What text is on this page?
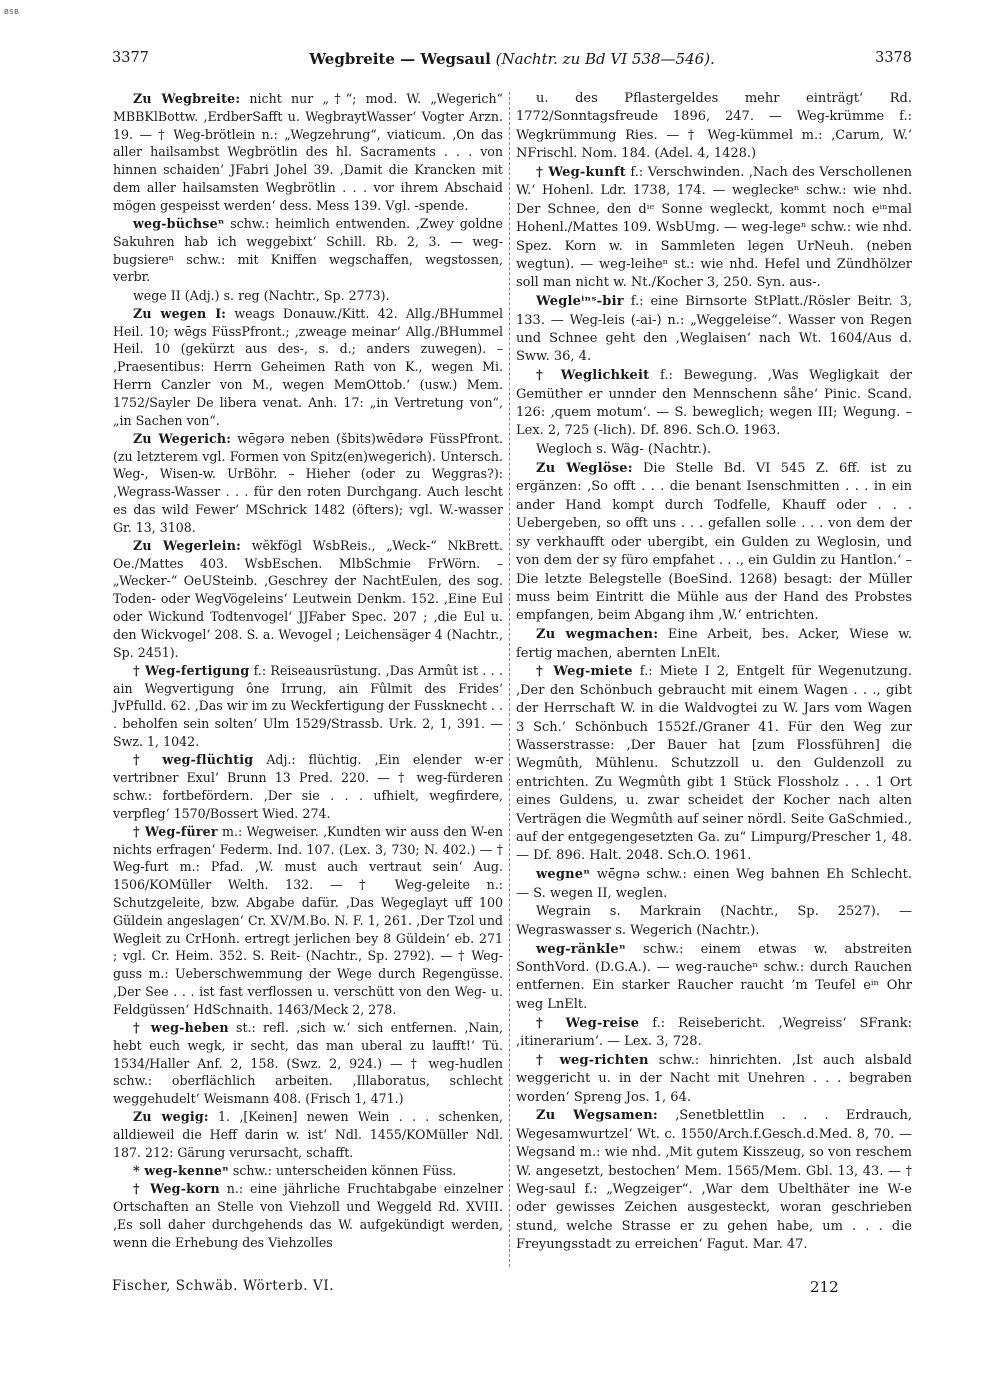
BSB
3377	Wegbreite — Wegsaul (Nachtr. zu Bd VI 538—546).	3378

Zu Wegbreite: nicht nur „†“; mod. W. „Wegerich“ MBBKlBottw. ‚ErdberSafft u. WegbraytWasser‘ Vogter Arzn. 19. — † Weg-brötlein n.: „Wegzehrung“, viaticum. ‚On das aller hailsambst Wegbrötlin des hl. Sacraments . . . von hinnen schaiden‘ JFabri Johel 39. ‚Damit die Krancken mit dem aller hailsamsten Wegbrötlin . . . vor ihrem Abschaid mögen gespeisst werden‘ dess. Mess 139. Vgl. -spende.

weg-büchseⁿ schw.: heimlich entwenden. ‚Zwey goldne Sakuhren hab ich weggebixt‘ Schill. Rb. 2, 3. — weg-bugsiereⁿ schw.: mit Kniffen wegschaffen, wegstossen, verbr.

wege II (Adj.) s. reg (Nachtr., Sp. 2773).

Zu wegen I: weags Donauw./Kitt. 42. Allg./BHummel Heil. 10; wēgs FüssPfront.; ‚zweage meinar‘ Allg./BHummel Heil. 10 (gekürzt aus des-, s. d.; anders zuwegen). – ‚Praesentibus: Herrn Geheimen Rath von K., wegen Mi. Herrn Canzler von M., wegen MemOttob.‘ (usw.) Mem. 1752/Sayler De libera venat. Anh. 17: „in Vertretung von“, „in Sachen von“.

Zu Wegerich: wēgərə neben (šbits)wēdərə FüssPfront. (zu letzterem vgl. Formen von Spitz(en)wegerich). Untersch. Weg-, Wisen-w. UrBöhr. – Hieher (oder zu Weggras?): ‚Wegrass-Wasser . . . für den roten Durchgang. Auch lescht es das wild Fewer‘ MSchrick 1482 (öfters); vgl. W.-wasser Gr. 13, 3108.

Zu Wegerlein: wĕkfögl WsbReis., „Weck-“ NkBrett. Oe./Mattes 403. WsbEschen. MlbSchmie FrWörn. – „Wecker-“ OeUSteinb. ‚Geschrey der NachtEulen, des sog. Toden- oder WegVögeleins‘ Leutwein Denkm. 152. ‚Eine Eul oder Wickund Todtenvogel‘ JJFaber Spec. 207 ; ‚die Eul u. den Wickvogel‘ 208. S. a. Wevogel ; Leichensäger 4 (Nachtr., Sp. 2451).

† Weg-fertigung f.: Reiseausrüstung. ‚Das Armût ist . . . ain Wegvertigung ône Irrung, ain Fûlmit des Frides‘ JvPfulld. 62. ‚Das wir im zu Weckfertigung der Fussknecht . . . beholfen sein solten‘ Ulm 1529/Strassb. Urk. 2, 1, 391. — Swz. 1, 1042.

† weg-flüchtig Adj.: flüchtig. ‚Ein elender w-er vertribner Exul‘ Brunn 13 Pred. 220. — † weg-fürderen schw.: fortbefördern. ‚Der sie . . . ufhielt, wegfirdere, verpfleg‘ 1570/Bossert Wied. 274.

† Weg-fürer m.: Wegweiser. ‚Kundten wir auss den W-en nichts erfragen‘ Federm. Ind. 107. (Lex. 3, 730; N. 402.) — † Weg-furt m.: Pfad. ‚W. must auch vertraut sein‘ Aug. 1506/KOMüller Welth. 132. — † Weg-geleite n.: Schutzgeleite, bzw. Abgabe dafür. ‚Das Wegeglayt uff 100 Güldein angeslagen‘ Cr. XV/M.Bo. N. F. 1, 261. ‚Der Tzol und Wegleit zu CrHonh. ertregt jerlichen bey 8 Güldein‘ eb. 271 ; vgl. Cr. Heim. 352. S. Reit- (Nachtr., Sp. 2792). — † Weg-guss m.: Ueberschwemmung der Wege durch Regengüsse. ‚Der See . . . ist fast verflossen u. verschütt von den Weg- u. Feldgüssen‘ HdSchnaith. 1463/Meck 2, 278.

† weg-heben st.: refl. ‚sich w.‘ sich entfernen. ‚Nain, hebt euch wegk, ir secht, das man uberal zu laufft!‘ Tü. 1534/Haller Anf. 2, 158. (Swz. 2, 924.) — † weg-hudlen schw.: oberflächlich arbeiten. ‚Illaboratus, schlecht weggehudelt‘ Weismann 408. (Frisch 1, 471.)

Zu wegig: 1. ‚[Keinen] newen Wein . . . schenken, alldieweil die Heff darin w. ist‘ Ndl. 1455/KOMüller Ndl. 187. 212: Gärung verursacht, schafft.

* weg-kenneⁿ schw.: unterscheiden können Füss.

† Weg-korn n.: eine jährliche Fruchtabgabe einzelner Ortschaften an Stelle von Viehzoll und Weggeld Rd. XVIII. ‚Es soll daher durchgehends das W. aufgekündigt werden, wenn die Erhebung des Viehzolles

u. des Pflastergeldes mehr einträgt‘ Rd. 1772/Sonntagsfreude 1896, 247. — Weg-krümme f.: Wegkrümmung Ries. — † Weg-kümmel m.: ‚Carum, W.‘ NFrischl. Nom. 184. (Adel. 4, 1428.)

† Weg-kunft f.: Verschwinden. ‚Nach des Verschollenen W.‘ Hohenl. Ldr. 1738, 174. — wegleckeⁿ schw.: wie nhd. Der Schnee, den dⁱᵉ Sonne wegleckt, kommt noch eⁱⁿmal Hohenl./Mattes 109. WsbUmg. — weg-legeⁿ schw.: wie nhd. Spez. Korn w. in Sammleten legen UrNeuh. (neben wegtun). — weg-leiheⁿ st.: wie nhd. Hefel und Zündhölzer soll man nicht w. Nt./Kocher 3, 250. Syn. aus-.

Wegleⁱⁿˢ-bir f.: eine Birnsorte StPlatt./Rösler Beitr. 3, 133. — Weg-leis (-ai-) n.: „Weggeleise“. Wasser von Regen und Schnee geht den ‚Weglaisen‘ nach Wt. 1604/Aus d. Sww. 36, 4.

† Weglichkeit f.: Bewegung. ‚Was Wegligkait der Gemüther er unnder den Mennschenn såhe‘ Pinic. Scand. 126: ‚quem motum‘. — S. beweglich; wegen III; Wegung. – Lex. 2, 725 (-lich). Df. 896. Sch.O. 1963.

Wegloch s. Wäg- (Nachtr.).

Zu Weglöse: Die Stelle Bd. VI 545 Z. 6ff. ist zu ergänzen: ‚So offt . . . die benant Isenschmitten . . . in ein ander Hand kompt durch Todfelle, Khauff oder . . . Uebergeben, so offt uns . . . gefallen solle . . . von dem der sy verkhaufft oder ubergibt, ein Gulden zu Weglosin, und von dem der sy füro empfahet . . ., ein Guldin zu Hantlon.‘ – Die letzte Belegstelle (BoeSind. 1268) besagt: der Müller muss beim Eintritt die Mühle aus der Hand des Probstes empfangen, beim Abgang ihm ‚W.‘ entrichten.

Zu wegmachen: Eine Arbeit, bes. Acker, Wiese w. fertig machen, abernten LnElt.

† Weg-miete f.: Miete I 2, Entgelt für Wegenutzung. ‚Der den Schönbuch gebraucht mit einem Wagen . . ., gibt der Herrschaft W. in die Waldvogtei zu W. Jars vom Wagen 3 Sch.‘ Schönbuch 1552f./Graner 41. Für den Weg zur Wasserstrasse: ‚Der Bauer hat [zum Flossführen] die Wegmûth, Mühlenu. Schutzzoll u. den Guldenzoll zu entrichten. Zu Wegmûth gibt 1 Stück Flossholz . . . 1 Ort eines Guldens, u. zwar scheidet der Kocher nach alten Verträgen die Wegmûth auf seiner nördl. Seite GaSchmied., auf der entgegengesetzten Ga. zu“ Limpurg/Prescher 1, 48. — Df. 896. Halt. 2048. Sch.O. 1961.

wegneⁿ wĕ̄gnə schw.: einen Weg bahnen Eh Schlecht. — S. wegen II, weglen.

Wegrain s. Markrain (Nachtr., Sp. 2527). — Wegraswasser s. Wegerich (Nachtr.).

weg-ränkleⁿ schw.: einem etwas w. abstreiten SonthVord. (D.G.A.). — weg-raucheⁿ schw.: durch Rauchen entfernen. Ein starker Raucher raucht ’m Teufel eⁱⁿ Ohr weg LnElt.

† Weg-reise f.: Reisebericht. ‚Wegreiss‘ SFrank: ‚itinerarium‘. — Lex. 3, 728.

† weg-richten schw.: hinrichten. ‚Ist auch alsbald weggericht u. in der Nacht mit Unehren . . . begraben worden‘ Spreng Jos. 1, 64.

Zu Wegsamen: ‚Senetblettlin . . . Erdrauch, Wegesamwurtzel‘ Wt. c. 1550/Arch.f.Gesch.d.Med. 8, 70. — Wegsand m.: wie nhd. ‚Mit gutem Kisszeug, so von reschem W. angesetzt, bestochen‘ Mem. 1565/Mem. Gbl. 13, 43. — † Weg-saul f.: „Wegzeiger“. ‚War dem Ubelthäter ine W-e oder gewisses Zeichen ausgesteckt, woran geschrieben stund, welche Strasse er zu gehen habe, um . . . die Freyungsstadt zu erreichen‘ Fagut. Mar. 47.

Fischer, Schwäb. Wörterb. VI.	212
